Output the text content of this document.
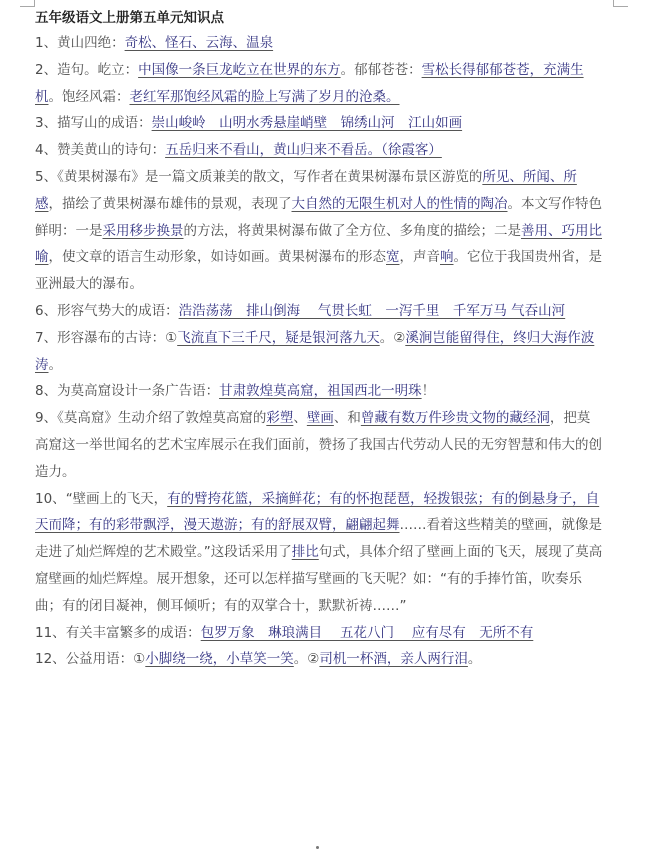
五年级语文上册第五单元知识点

1、黄山四绝：奇松、怪石、云海、温泉

2、造句。屹立：中国像一条巨龙屹立在世界的东方。郁郁苍苍：雪松长得郁郁苍苍，充满生机。饱经风霜：老红军那饱经风霜的脸上写满了岁月的沧桑。

3、描写山的成语：崇山峻岭　山明水秀悬崖峭壁　锦绣山河　江山如画

4、赞美黄山的诗句：五岳归来不看山，黄山归来不看岳。（徐霞客）

5、《黄果树瀑布》是一篇文质兼美的散文，写作者在黄果树瀑布景区游览的所见、所闻、所感，描绘了黄果树瀑布雄伟的景观，表现了大自然的无限生机对人的性情的陶冶。本文写作特色鲜明：一是采用移步换景的方法，将黄果树瀑布做了全方位、多角度的描绘；二是善用、巧用比喻，使文章的语言生动形象，如诗如画。黄果树瀑布的形态宽，声音响。它位于我国贵州省，是亚洲最大的瀑布。

6、形容气势大的成语：浩浩荡荡　排山倒海　 气贯长虹　一泻千里　千军万马 气吞山河

7、形容瀑布的古诗：①飞流直下三千尺，疑是银河落九天。②溪涧岂能留得住，终归大海作波涛。

8、为莫高窟设计一条广告语：甘肃敦煌莫高窟，祖国西北一明珠！

9、《莫高窟》生动介绍了敦煌莫高窟的彩塑、壁画、和曾藏有数万件珍贵文物的藏经洞，把莫高窟这一举世闻名的艺术宝库展示在我们面前，赞扬了我国古代劳动人民的无穷智慧和伟大的创造力。

10、“壁画上的飞天，有的臂挎花篮，采摘鲜花；有的怀抱琵琶，轻拨银弦；有的倒悬身子，自天而降；有的彩带飘浮，漫天遨游；有的舒展双臂，翩翩起舞……看着这些精美的壁画，就像是走进了灿烂辉煌的艺术殿堂。”这段话采用了排比句式，具体介绍了壁画上面的飞天，展现了莫高窟壁画的灿烂辉煌。展开想象，还可以怎样描写壁画的飞天呢？如：“有的手捧竹笛，吹奏乐曲；有的闭目凝神，侧耳倾听；有的双掌合十，默默祈祷……”

11、有关丰富繁多的成语：包罗万象　琳琅满目　 五花八门　 应有尽有　无所不有

12、公益用语：①小脚绕一绕，小草笑一笑。②司机一杯酒，亲人两行泪。
